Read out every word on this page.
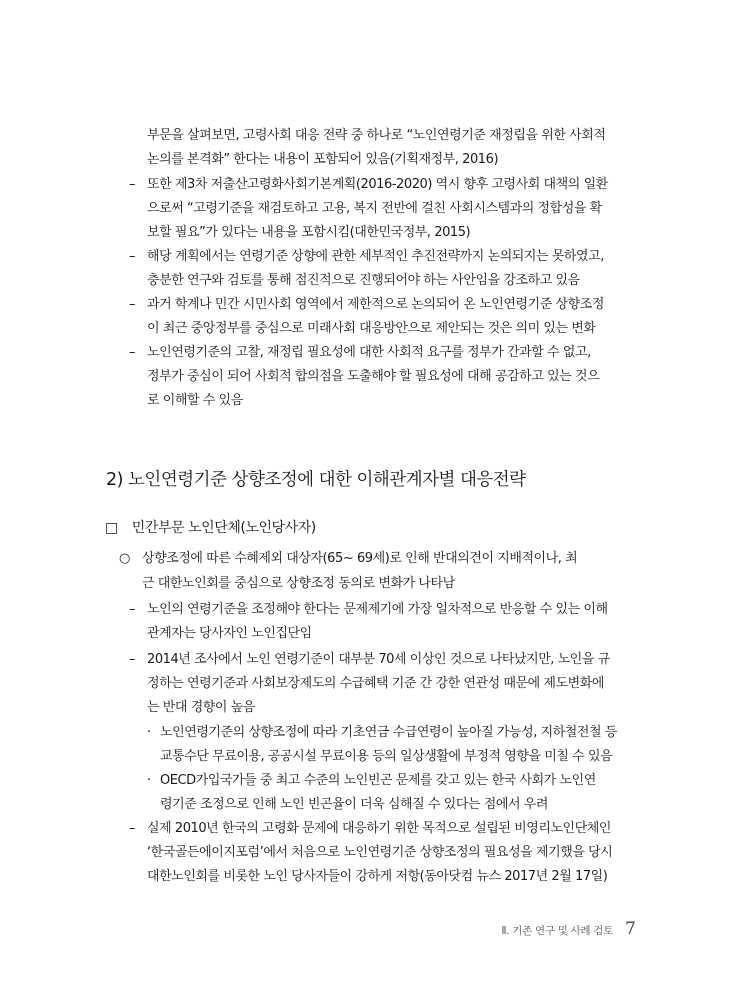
부문을 살펴보면, 고령사회 대응 전략 중 하나로 “노인연령기준 재정립을 위한 사회적
논의를 본격화” 한다는 내용이 포함되어 있음(기획재정부, 2016)
– 또한 제3차 저출산고령화사회기본계획(2016-2020) 역시 향후 고령사회 대책의 일환
으로써 “고령기준을 재검토하고 고용, 복지 전반에 걸친 사회시스템과의 정합성을 확
보할 필요”가 있다는 내용을 포함시킴(대한민국정부, 2015)
– 해당 계획에서는 연령기준 상향에 관한 세부적인 추진전략까지 논의되지는 못하였고,
충분한 연구와 검토를 통해 점진적으로 진행되어야 하는 사안임을 강조하고 있음
– 과거 학계나 민간 시민사회 영역에서 제한적으로 논의되어 온 노인연령기준 상향조정
이 최근 중앙정부를 중심으로 미래사회 대응방안으로 제안되는 것은 의미 있는 변화
– 노인연령기준의 고찰, 재정립 필요성에 대한 사회적 요구를 정부가 간과할 수 없고,
정부가 중심이 되어 사회적 합의점을 도출해야 할 필요성에 대해 공감하고 있는 것으
로 이해할 수 있음
2) 노인연령기준 상향조정에 대한 이해관계자별 대응전략
□ 민간부문 노인단체(노인당사자)
○ 상향조정에 따른 수혜제외 대상자(65~ 69세)로 인해 반대의견이 지배적이나, 최
근 대한노인회를 중심으로 상향조정 동의로 변화가 나타남
– 노인의 연령기준을 조정해야 한다는 문제제기에 가장 일차적으로 반응할 수 있는 이해
관계자는 당사자인 노인집단임
– 2014년 조사에서 노인 연령기준이 대부분 70세 이상인 것으로 나타났지만, 노인을 규
정하는 연령기준과 사회보장제도의 수급혜택 기준 간 강한 연관성 때문에 제도변화에
는 반대 경향이 높음
· 노인연령기준의 상향조정에 따라 기초연금 수급연령이 높아질 가능성, 지하철전철 등
교통수단 무료이용, 공공시설 무료이용 등의 일상생활에 부정적 영향을 미칠 수 있음
· OECD가입국가들 중 최고 수준의 노인빈곤 문제를 갖고 있는 한국 사회가 노인연
령기준 조정으로 인해 노인 빈곤율이 더욱 심해질 수 있다는 점에서 우려
– 실제 2010년 한국의 고령화 문제에 대응하기 위한 목적으로 설립된 비영리노인단체인
‘한국골든에이지포럼’에서 처음으로 노인연령기준 상향조정의 필요성을 제기했을 당시
대한노인회를 비롯한 노인 당사자들이 강하게 저항(동아닷컴 뉴스 2017년 2월 17일)
Ⅱ. 기존 연구 및 사례 검토 7
